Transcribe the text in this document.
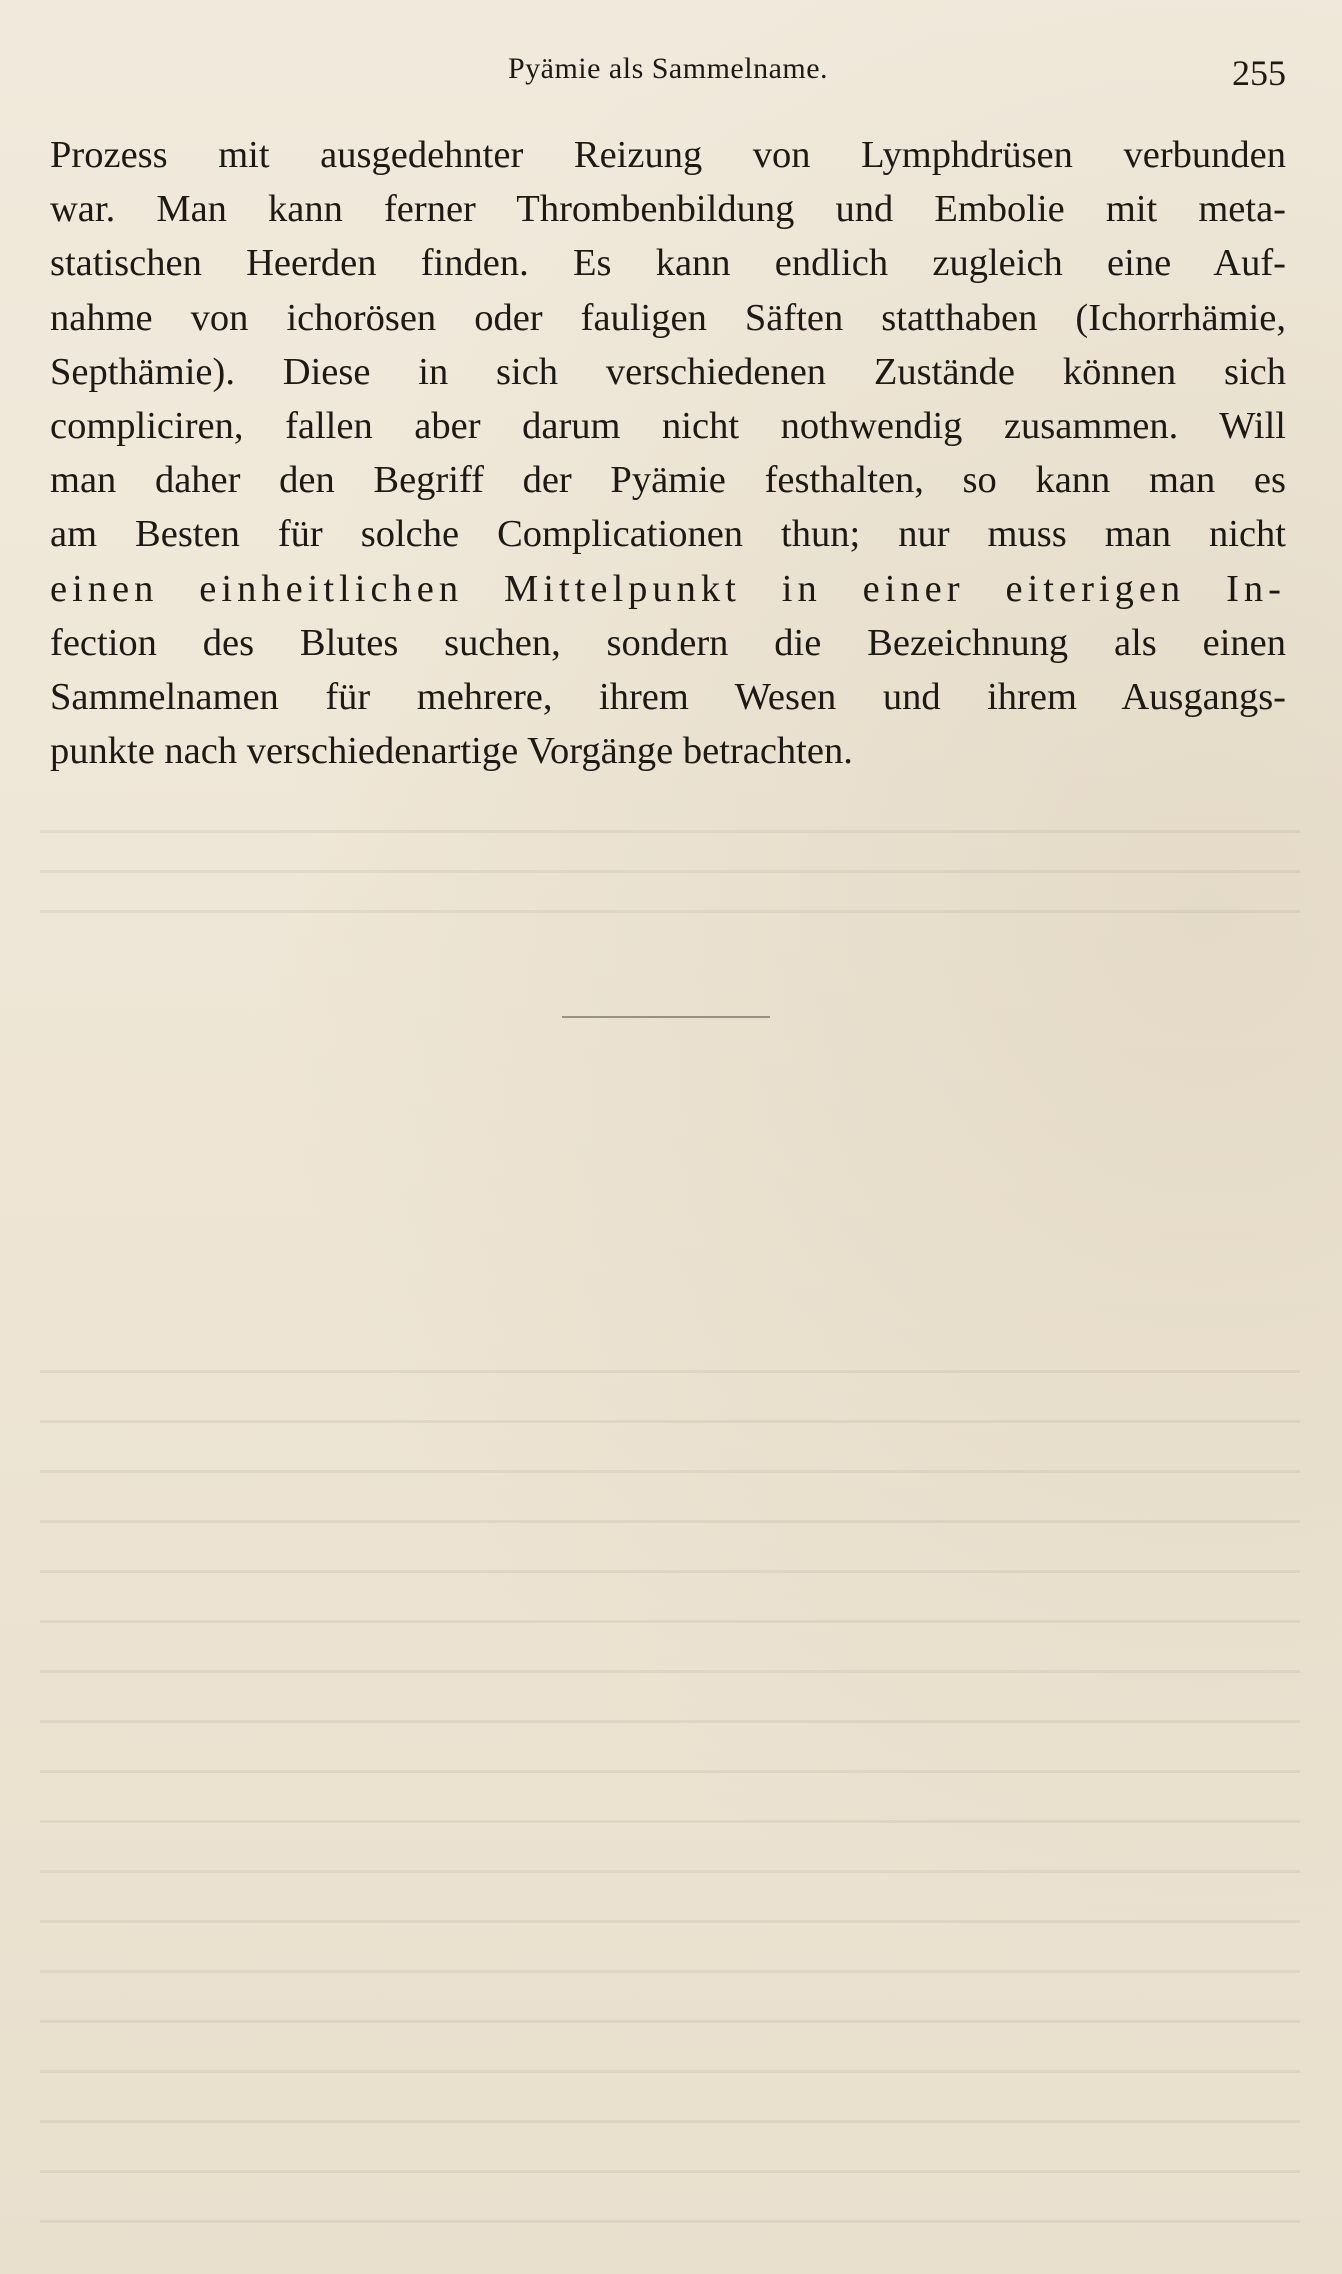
Pyämie als Sammelname.	255
Prozess mit ausgedehnter Reizung von Lymphdrüsen verbunden
war. Man kann ferner Thrombenbildung und Embolie mit meta-
statischen Heerden finden. Es kann endlich zugleich eine Auf-
nahme von ichorösen oder fauligen Säften statthaben (Ichorrhämie,
Septhämie). Diese in sich verschiedenen Zustände können sich
compliciren, fallen aber darum nicht nothwendig zusammen. Will
man daher den Begriff der Pyämie festhalten, so kann man es
am Besten für solche Complicationen thun; nur muss man nicht
einen einheitlichen Mittelpunkt in einer eiterigen In-
fection des Blutes suchen, sondern die Bezeichnung als einen
Sammelnamen für mehrere, ihrem Wesen und ihrem Ausgangs-
punkte nach verschiedenartige Vorgänge betrachten.
